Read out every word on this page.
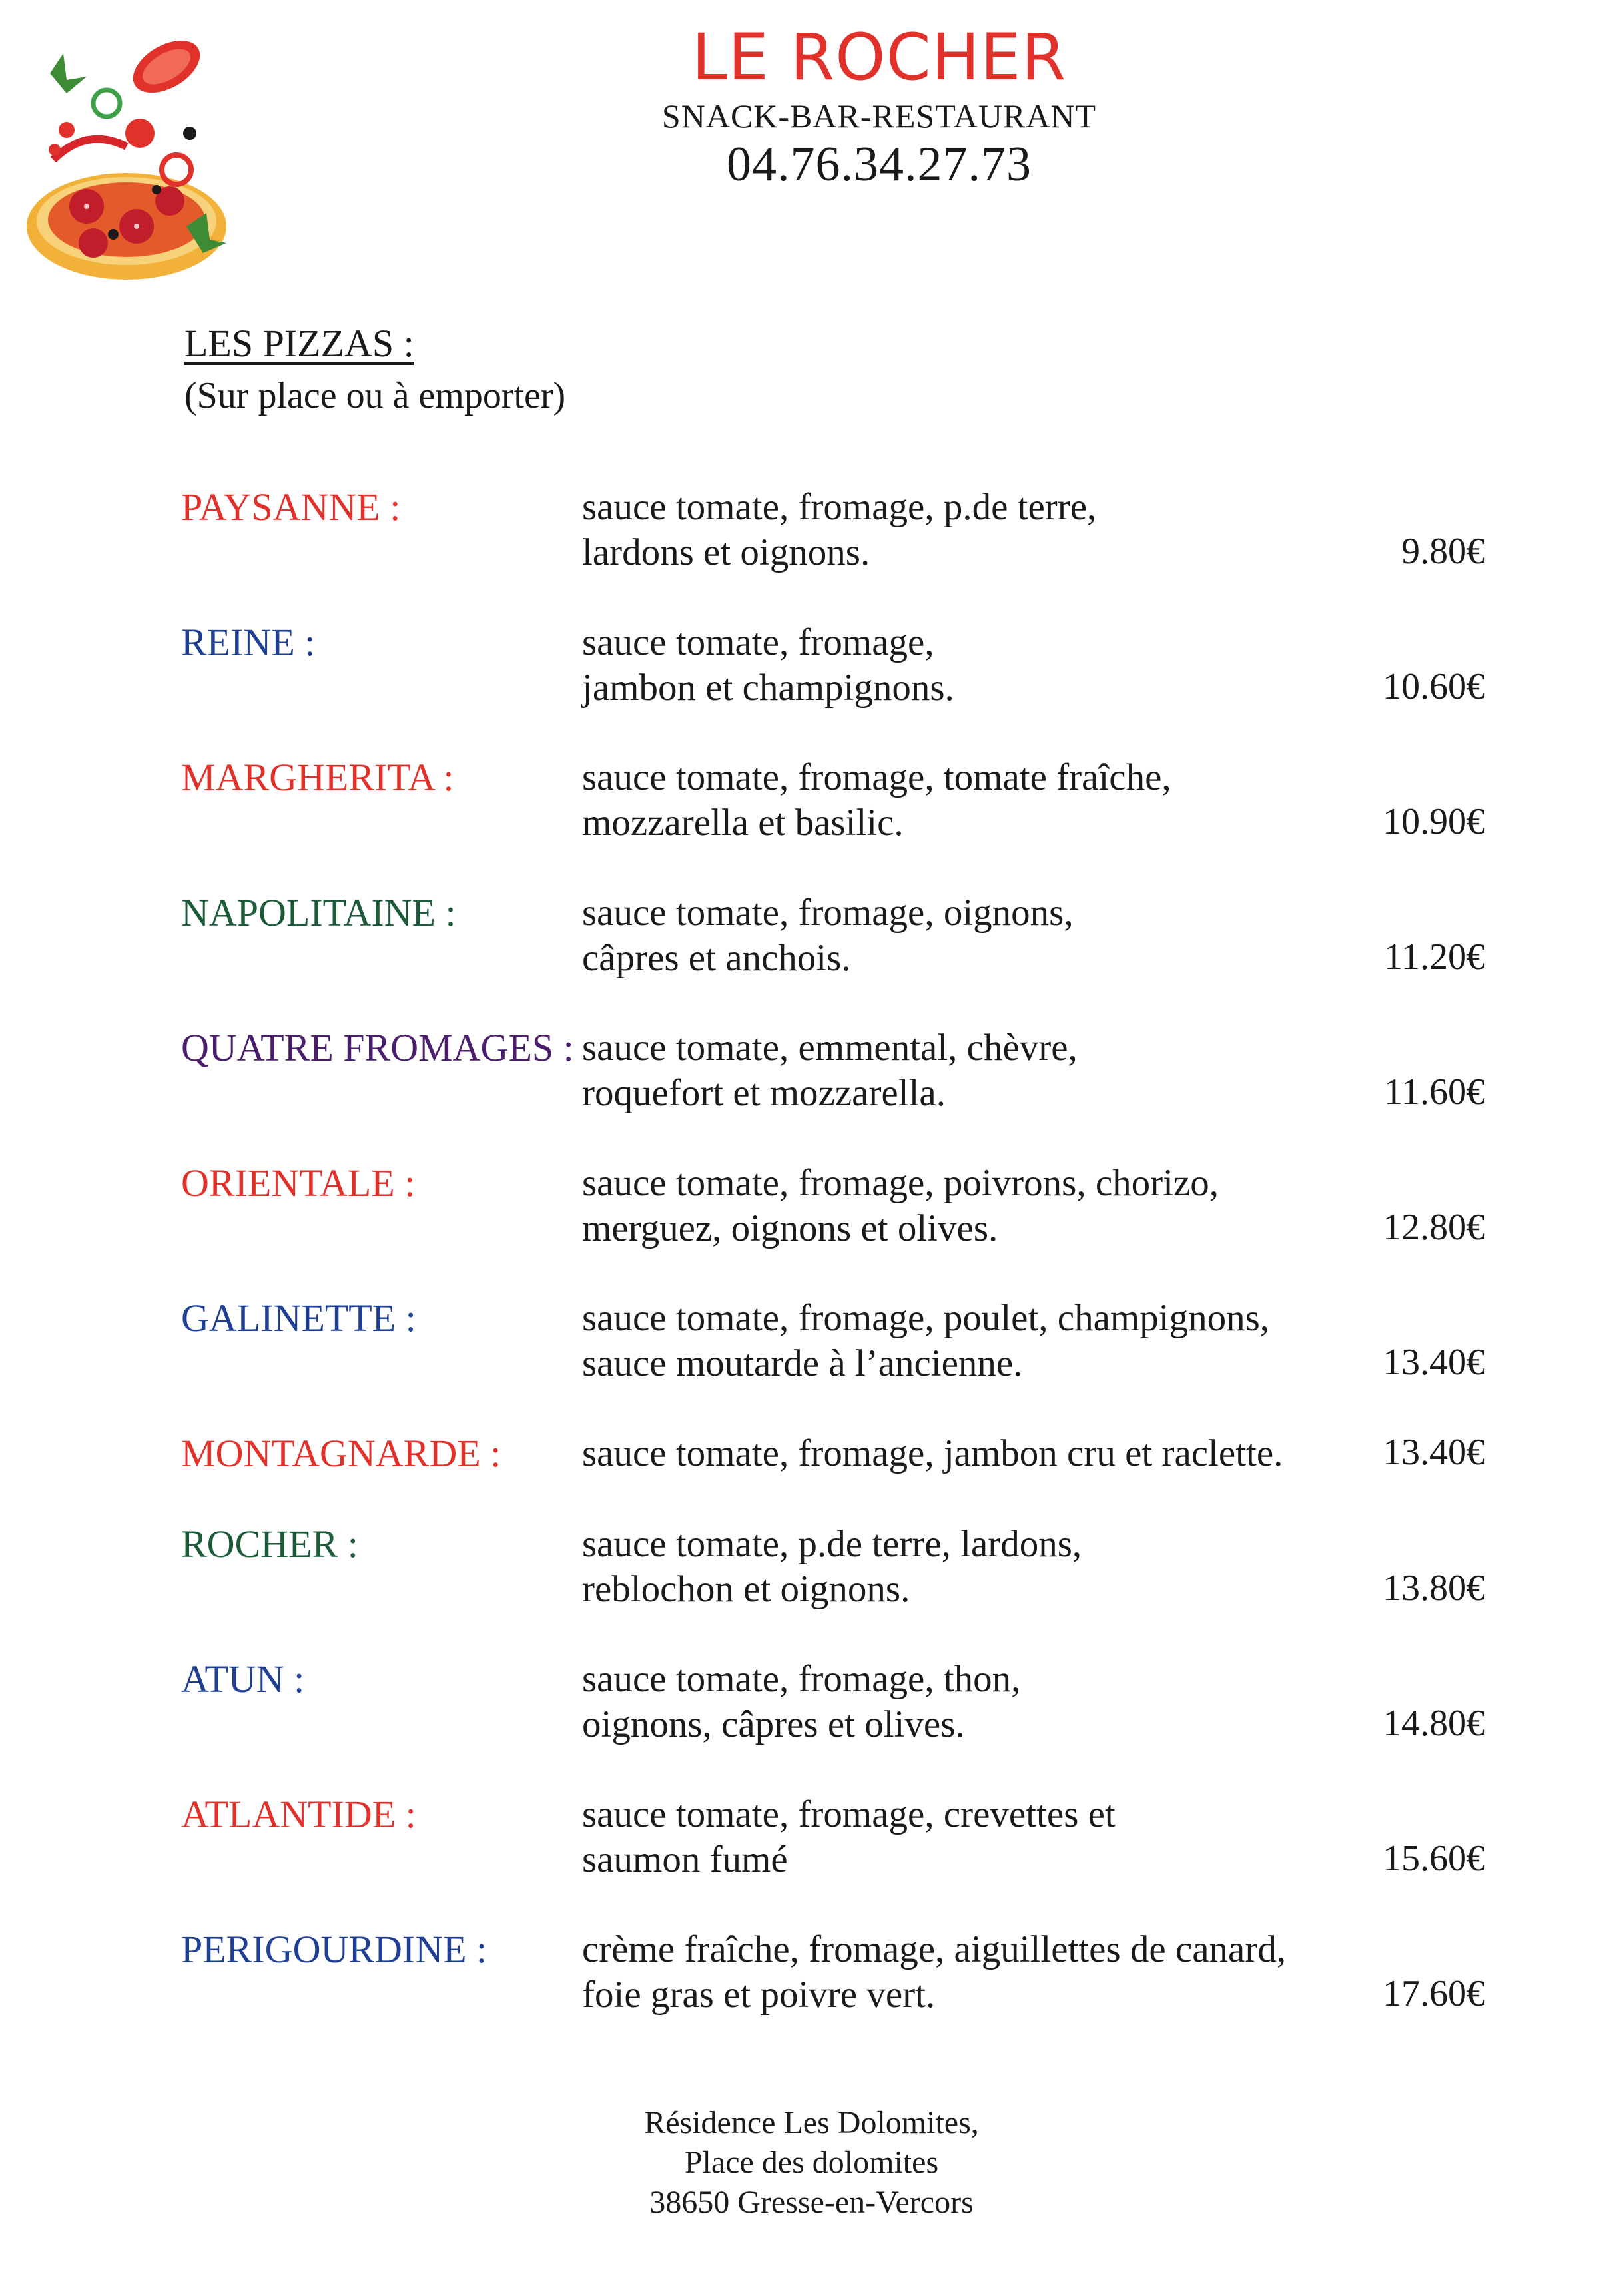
LE ROCHER
SNACK-BAR-RESTAURANT
04.76.34.27.73
LES PIZZAS :
(Sur place ou à emporter)
PAYSANNE :	sauce tomate, fromage, p.de terre,
lardons et oignons.	9.80€
REINE :	sauce tomate, fromage,
jambon et champignons.	10.60€
MARGHERITA :	sauce tomate, fromage, tomate fraîche,
mozzarella et basilic.	10.90€
NAPOLITAINE :	sauce tomate, fromage, oignons,
câpres et anchois.	11.20€
QUATRE FROMAGES : sauce tomate, emmental, chèvre,
roquefort et mozzarella.	11.60€
ORIENTALE :	sauce tomate, fromage, poivrons, chorizo,
merguez, oignons et olives.	12.80€
GALINETTE :	sauce tomate, fromage, poulet, champignons,
sauce moutarde à l’ancienne.	13.40€
MONTAGNARDE : sauce tomate, fromage, jambon cru et raclette.	13.40€
ROCHER :	sauce tomate, p.de terre, lardons,
reblochon et oignons.	13.80€
ATUN :	sauce tomate, fromage, thon,
oignons, câpres et olives.	14.80€
ATLANTIDE :	sauce tomate, fromage, crevettes et
saumon fumé	15.60€
PERIGOURDINE :	crème fraîche, fromage, aiguillettes de canard,
foie gras et poivre vert.	17.60€
Résidence Les Dolomites,
Place des dolomites
38650 Gresse-en-Vercors
